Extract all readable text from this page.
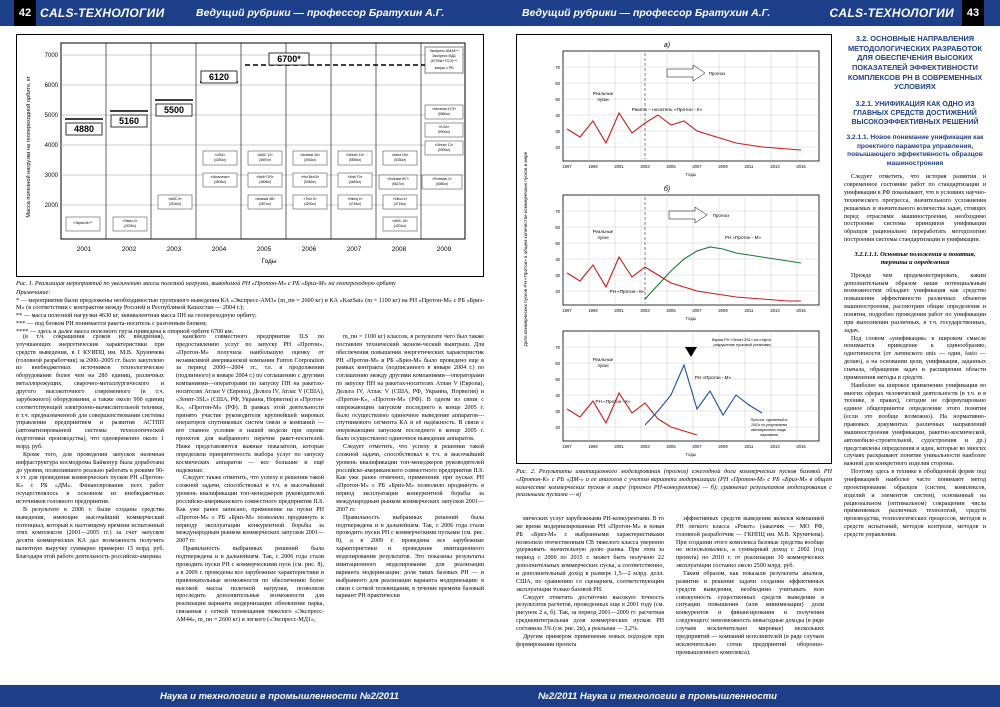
42 CALS-ТЕХНОЛОГИИ	Ведущий рубрики — профессор Братухин А.Г.
7000
6000
5000
4000
3000
2000
Масса полезной нагрузки на геопереходной орбите, кг	4880
5160
5500
6120
6700*
Экспресс АМ44*+
Экспресс МД1
(5700кг+ГСО)***
запуск с РБ
«USA»
(4250кг)
«АМС-12»
(4697кг)
«Arabsat 4A»
(4916кг)
«Directv 10»
(5893кг)
«Astra 1M»
(5330кг)
«Inmarsat 4-F3»
(5960кг)
«KOA»
(5900кг)
«Directv 12»
(5900кг)
«Eutelsat W7»
(5627кг)
«Protestar 2»
(5080кг)
«Amazonas»
(4605кг)
«Anik F1R»
(4606кг)
«Hot Bird 8»
(5346кг)
«Anik F3»
(4640кг)
«Sirius 4»
(4715кг)
«Arabsat 4B»
(4871кг)
«Thor 5»
(4200кг)
«Nimiq 4»
(4745кг)
«АМС-16»
(4201кг)
«АМС-9»
(4100кг)
«Ямал-2»
(2678кг)
«Экран-М»**
2001	2002	2003	2004	2005	2006	2007	2008	2009
Годы
Рис. 1. Реализация мероприятий по увеличению массы полезной нагрузки, выводимой РН «Протон-М» с РБ «Бриз-М» на геопереходную орбиту
Примечание:
* — мероприятия были предложены необходимостью группового выведения КА «Экспресс-АМ3» (m_пн = 2600 кг) и КА «KazSat» (m = 1100 кг) на РН «Протон-М» с РБ «Бриз-М» (в соответствии с контрактом между Россией и Республикой Казахстан — 2004 г.);
** — масса полезной нагрузки 4630 кг, эквивалентная масса ПН на геопереходную орбиту;
*** — под блоком РН понимается ракета-носитель с разгонным блоком;
**** — здесь и далее масса полезного груза приведена к опорной орбите 6700 км.

(в т.ч. сокращения сроков их внедрения), улучшающих энергетические характеристики при средств выведения, в І КУИПЦ им. М.В. Хруничева (головной разработчик) за 2000–2005 гг. было закуплено из внебюджетных источников технологическое оборудование более чем на 280 единиц, различных металлорежущих, сварочно-металлургического и другого высокоточного современного (в т.ч. зарубежного) оборудования, а также около 900 единиц соответствующей электронно-вычислительной техники, в т.ч. предназначенной для совершенствования системы управления предприятием и развития АСТПП (автоматизированной системы технологической подготовки производства), что одновременно около 1 млрд. руб.

Кроме того, для проведения запусков наземная инфраструктура космодрома Байконур была доработана до уровня, позволившего реально работать в режиме 90-х гг. для проведения коммерческих пусков РН «Протон-К» с РБ «ДМ». Финансирование всех работ осуществлялось в основном из внебюджетных источников головного предприятия.

В результате в 2006 г. были созданы средства выведения, имеющие высочайший коммерческий потенциал, который к настоящему времени испытанный этих комплексов (2001—2005 гг.) за счет запусков десяти коммерческих КА дал возможность получить валютную выручку суммарно примерно 15 млрд. руб. Благодаря этой работе деятельность российско-америка

канского совместного предприятия ILS по предоставлению услуг по запуску РН «Протон», «Протон-М» получила наибольшую оценку от независимой американской компании Futron Corporation за период 2000—2004 гг., т.е. в продолжении (подлинного) в январе 2004 г.) по соглашению с другими компаниями—операторами по запуску ПН на ракетах-носителях Атлан V (Европа), Дельта IV, Атлас V (США), «Зенит-3SL» (США, РФ, Украина, Норвегия) и «Протон-К», «Протон-М» (РФ). В рамках этой деятельности принято участие руководителя крупнейшей мировых операторов спутниковых систем связи и компаний — вот главное условие в нашей модели при оценке проектов для выбранного перечня ракет-носителей. Ниже представляются важные показатели, которые определяли приоритетность выбора услуг по запуску космических аппаратов — все большие и ещё надежные.

Следует также отметить, что успеху в решении такой сложной задачи, способствовал в т.ч. и высочайший уровень квалификации топ-менеджеров руководителей российско-американского совместного предприятия ILS. Как уже ранее записано, применение на пуски РН «Протон-М» с РБ «Бриз-М» позволило продвинуть к периоду эксплуатации конкурентной борьбы за международным рынком коммерческих запусков 2001—2007 гг.

Правильность выбранных решений была подтверждена и в дальнейшем. Так, с 2006 года стали проводить пуски РН с коммерческими пуск (см. рис. 8), а в 2009 г. проведены все зарубежные характеристики и привлекательные возможности по обеспечению более высокой массы полезной нагрузки, позволили проследить дополнительные возможности для реализации варианта модернизации: обновление парка, связанная с сеткой телевещания тяжелого «Экспресс-АМ44», m_пн = 2600 кг) и легкого («Экспресс-МД1»,

m_пн = 1100 кг) классов, в результате чего был также поставлен технический эконом-ческий выигрыш. Для обеспечения повышения энергетических характеристик РН «Протон-М» и РБ «Бриз-М» было проведено еще в рамках контракта (подписанного в январе 2004 г.) по соглашению между другими компаниями—операторами по запуску ПН на ракетах-носителях Атлан V (Европа), Дельта IV, Атлас V (США, РФ, Украина, Норвегия) и «Протон-К», «Протон-М» (РФ). В одном из связи с опережающим запуском последнего в конце 2005 г. было осуществлено одиночное выведение аппаратов—спутникового сегмента КА и её надёжность. В связи с опережающим запуском последнего в конце 2005 г. было осуществлено одиночное выведение аппаратов.

Следует отметить, что успеху в решении такой сложной задачи, способствовал в т.ч. и высочайший уровень квалификации топ-менеджеров руководителей российско-американского совместного предприятия ILS. Как уже ранее отмечено, применение при пусках РН «Протон-М» с РБ «Бриз-М» позволило продвинуть в период эксплуатации конкурентной борьбы за международным рынком коммерческих запусков 2001—2007 гг.

Правильность выбранных решений была подтверждена и в дальнейшем. Так, с 2006 года стали проводить пуски РН с коммерческими пусками (см. рис. 8), а в 2009 г. проведены все зарубежные характеристики и проведение имитационного моделирования результатов. Это показаны результаты имитационного моделирования для реализации варианта модернизации: доля таких базовых РН — и выбранного для реализации варианта модернизации: в связи с сеткой телевещания, в течение времени базовый вариант РН практически

Наука и технологии в промышленности №2/2011
Ведущий рубрики — профессор Братухин А.Г.	CALS-ТЕХНОЛОГИИ	43
Доля коммерческих пусков РН «Протон» в общем количестве коммерческих пусков в мире
а)
70
60
50
40
30
20
1997	1999	2001	2003	2005	2007	2009	2011	2013	2015
Годы
Реальные
пуски
Прогноз
Ракета – носитель «Протон - К»
б)
70
60
50
40
30
20
1997	1999	2001	2003	2005	2007	2009	2011	2013	2015
Годы
Реальные
пуски
Прогноз
РН «Протон - К»
РН «Протон - М»
70
60
50
40
30
20
1997	1999	2001	2003	2005	2007	2009	2011	2013	2015
Годы
Взрыв РН «Зенит-3SL» на старте,
разрушение пусковой установки
Реальные
пуски
РН «Протон - М»
РН «Протон - К»
Прогноз, сделанный в
2001г по результатам
имитационного моде-
лирования
Рис. 2. Результаты имитационного моделирования (прогноз) ежегодной доли коммерческих пусков базовой РН «Протон-К» с РБ «ДМ-» и ее аналогов с учетом варианта модернизации (РН «Протон-М» с РБ «Бриз-М» в общем количестве коммерческих пусков в мире (прогноз РН-конкурентов) — б); сравнение результатов моделирования с реальными пусками — в)

мических услуг зарубежными РН-конкурентами. В то же время модернизированная РН «Протон-М» и новая РБ «Бриз-М» с выбранными характеристиками позволило отечественным СВ тяжелого класса уверенно удерживать значительную долю рынка. При этом за период с 2000 по 2015 г. может быть получено 22 дополнительных коммерческих пуска, а соответственно, и дополнительный доход в размере 1,5—2 млрд. долл. США, по сравнению со сценарием, соответствующим эксплуатации только базовой РН.

Следует отметить достаточно высокую точность результатов расчетов, проведенных еще в 2001 году (см. рисунок 2 а, б). Так, за период 2001—2009 гг. расчетная среднеинтегральная доля коммерческих пусков РН составила 3% (см. рис. 2в), а реальная — 3,2%.

Другим примером применения новых подходов при формировании проекта

эффективных средств выведения являлся компанией РН легкого класса «Рокот» (заказчик — МО РФ, головной разработчик — ГКНПЦ им. М.В. Хруничева). При создании этого комплекса базовые средства вообще не использовались, а суммарный доход с 2002 (год проекта) по 2010 г. от реализации 10 коммерческих эксплуатации составил около 2500 млрд. руб.

Таким образом, как показали результаты анализа, развитие и решение задачи создания эффективных средств выведения, необходимо учитывать всю совокупность существенных средств выведения в ситуации повышения (или минимизации) доли конкурентов и финансирования и получения следующего: невозможность невыгодные доходы (в ряде случаев исключительно мировые) нескольких предприятий — компаний исполнителей (в ряде случаев исключительно сотни предприятий оборонно-промышленного комплекса).

3.2. ОСНОВНЫЕ НАПРАВЛЕНИЯ МЕТОДОЛОГИЧЕСКИХ РАЗРАБОТОК ДЛЯ ОБЕСПЕЧЕНИЯ ВЫСОКИХ ПОКАЗАТЕЛЕЙ ЭФФЕКТИВНОСТИ КОМПЛЕКСОВ РН В СОВРЕМЕННЫХ УСЛОВИЯХ
3.2.1. УНИФИКАЦИЯ КАК ОДНО ИЗ ГЛАВНЫХ СРЕДСТВ ДОСТИЖЕНИЙ ВЫСОКОЭФФЕКТИВНЫХ РЕШЕНИЙ
3.2.1.1. Новое понимание унификации как проектного параметра управления, повышающего эффективность образцов машиностроения

Следует отметить, что история развития и современное состояние работ по стандартизации и унификации в РФ показывают, что в условиях научно-технического прогресса, значительного усложнения решаемых и значительного количества задач, стоящих перед отраслями машиностроения, необходимо построение системы принципов унификации образцов рационально переработать методологию построения системы стандартизации и унификации.

3.2.1.1.1. Основные положения и понятия, термины и определения

Прежде чем продемонстрировать, каким дополнительным образом наши потенциальным возможностям обладает унификация как средство повышения эффективности различных объектов машиностроения, рассмотрим общие определения и понятия, подробно проведения работ по унификации при выполнении различных, в т.ч. государственных, задач.

Под словом «унификация» в широком смысле понимается приведение к единообразию, однотипности (от латинского unis — один, fasio — делаю), а на основании цели, унификация, заданных сначала, обращения задач и расширения области применения методы и средств.

Наиболее на широкое применение унификации во многих сферах человеческой деятельности (в т.ч. и в технике, в правах), сегодня не сформулировано единое общепринятое определение этого понятия (если это вообще возможно). На нормативно-правовых документах различных направлений машиностроения унификации, ракетно-космической, автомобиле-строительной, судостроения и др.) представлены определения и идеи, которые во многих случаях раскрывают понятие уникальности наиболее важной для конкретного изделия стороны.

Поэтому здесь в технике в обобщенной форме под унификацией наиболее часто понимают метод проектирования образцов (систем, комплексов, изделий и элементов систем), основанный на рациональном (оптимальном) сокращении числа применяемых различных технологий, средств производства, технологических процессов, методов и средств испытаний, методов контроля, методов и средств управления.

№2/2011 Наука и технологии в промышленности
